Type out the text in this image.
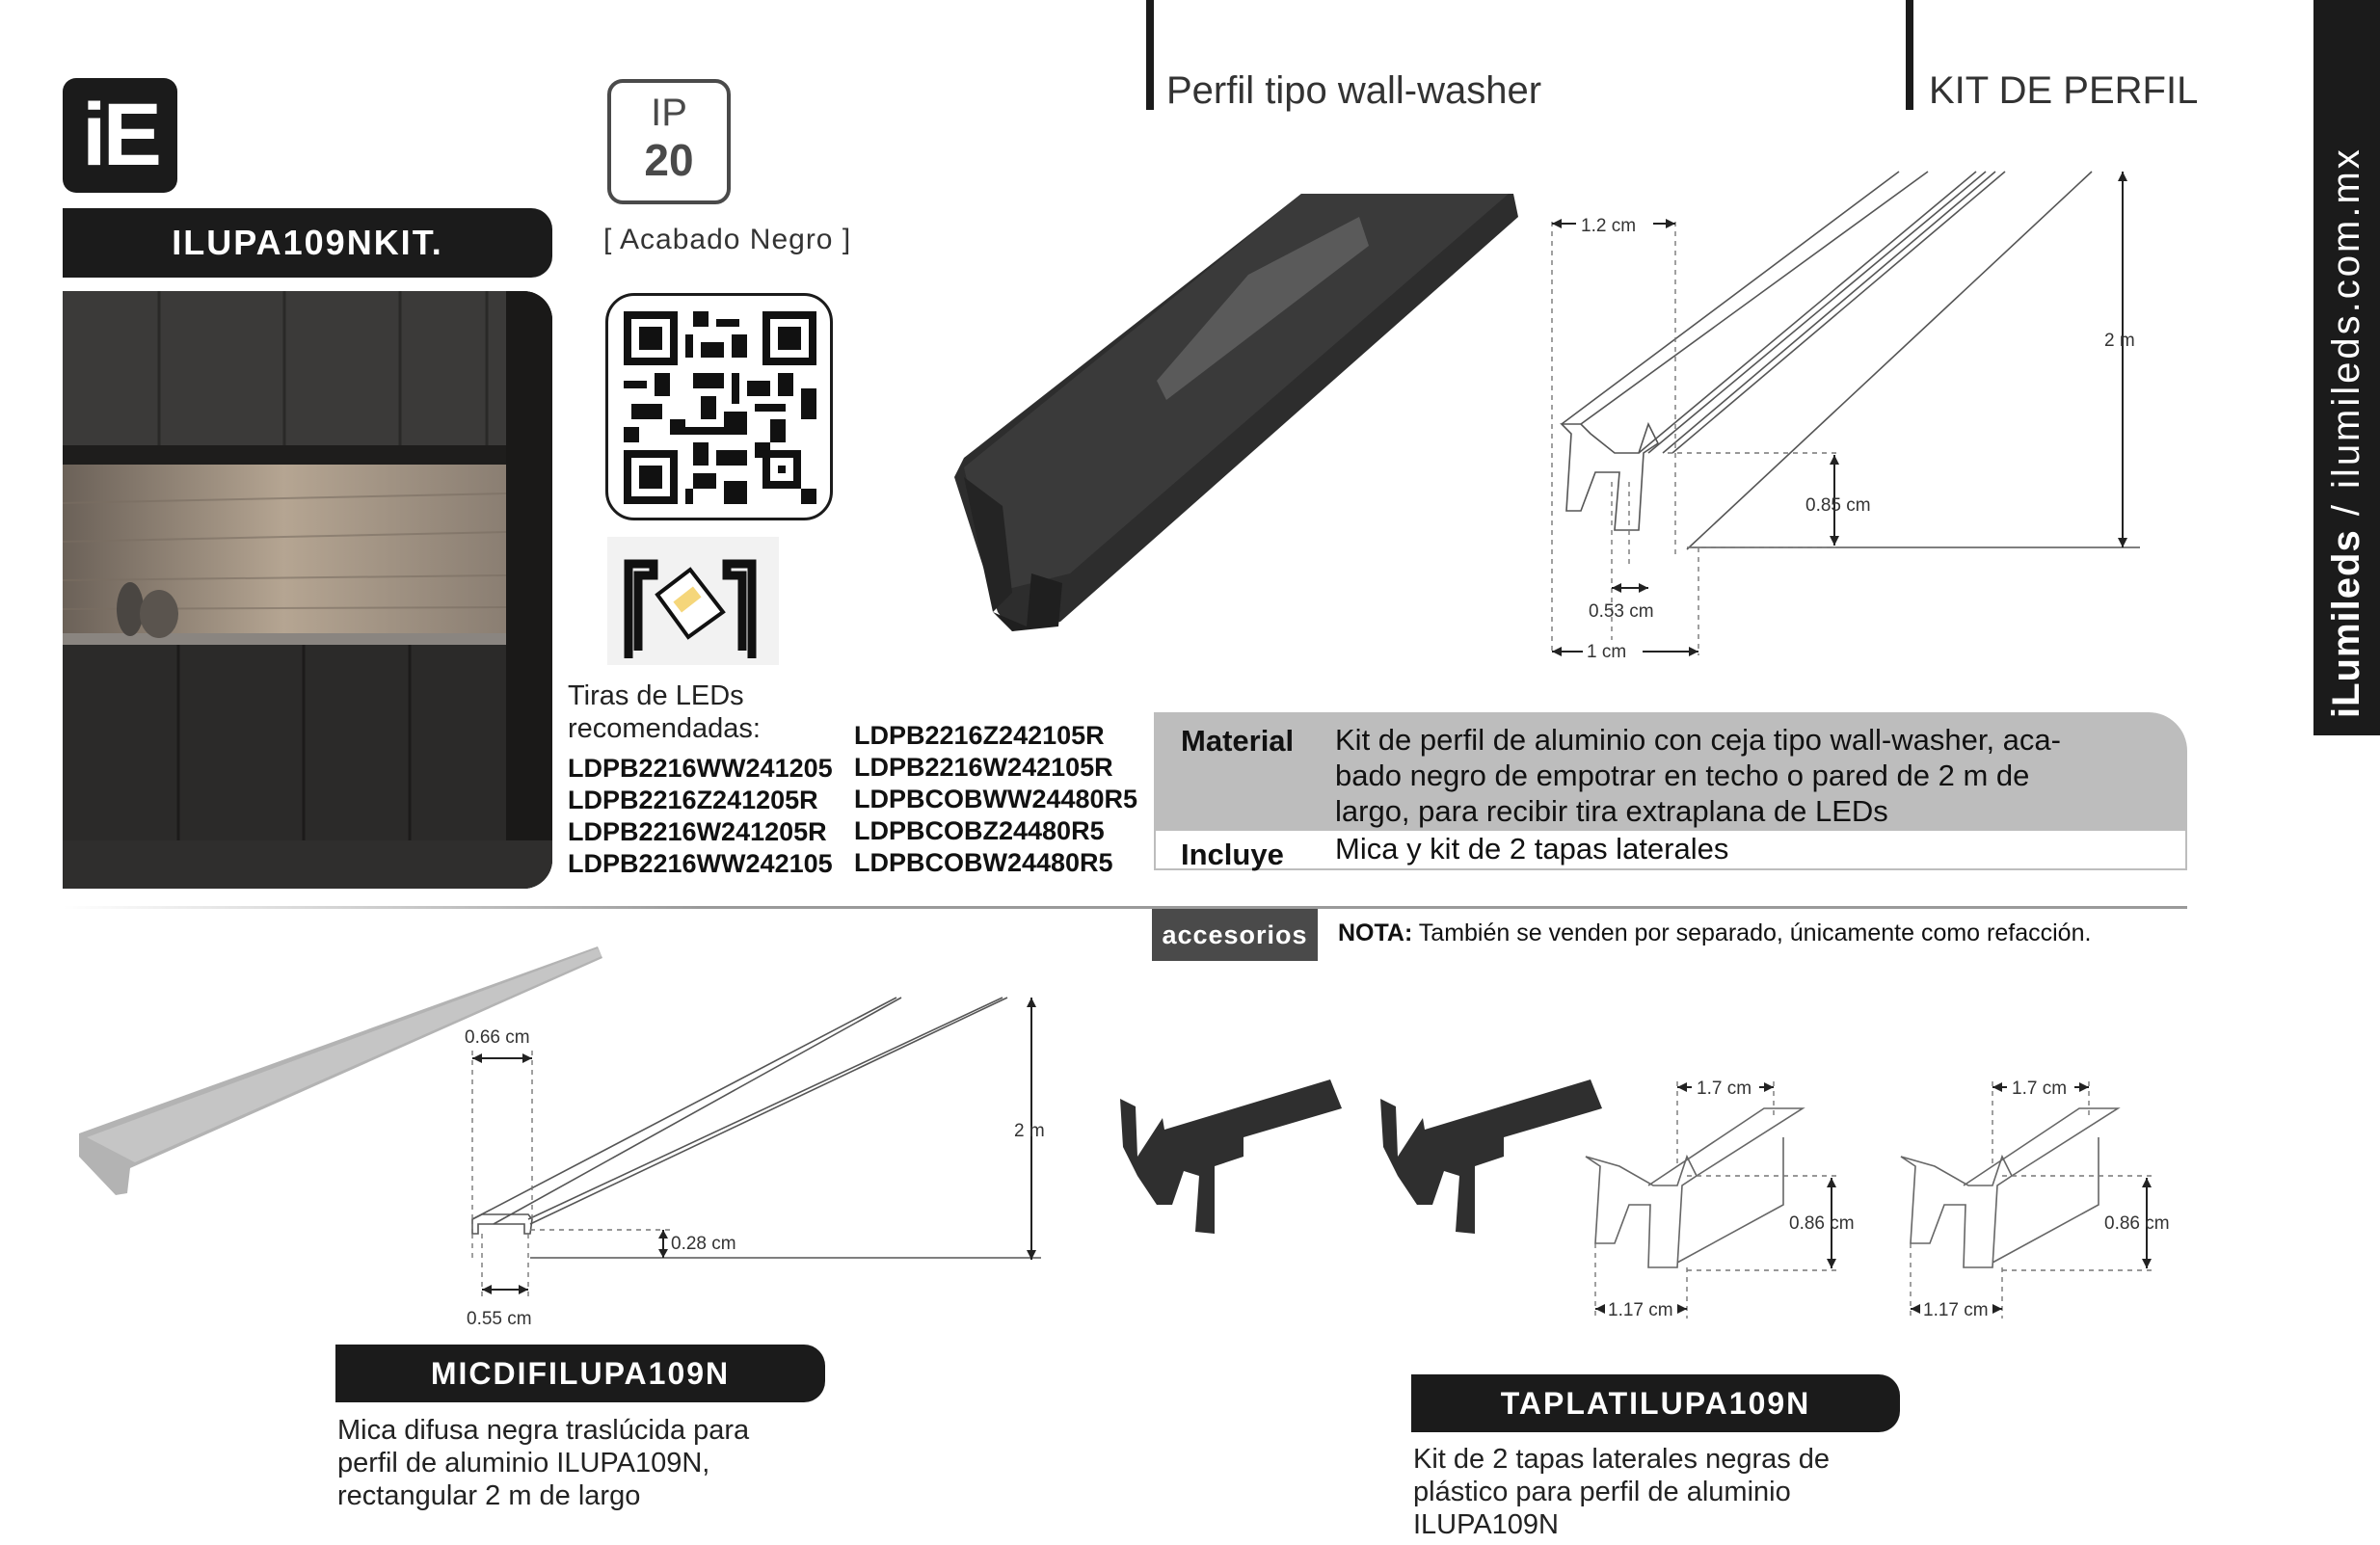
iLumileds / ilumileds.com.mx
iE
ILUPA109NKIT.
IP
20
[ Acabado Negro ]
Perfil tipo wall-washer	KIT DE PERFIL
1.2 cm
2 m
0.85 cm
0.53 cm
1 cm
Tiras de LEDs
recomendadas:
LDPB2216WW241205
LDPB2216Z241205R
LDPB2216W241205R
LDPB2216WW242105
LDPB2216Z242105R
LDPB2216W242105R
LDPBCOBWW24480R5
LDPBCOBZ24480R5
LDPBCOBW24480R5
Material Kit de perfil de aluminio con ceja tipo wall-washer, aca-
bado negro de empotrar en techo o pared de 2 m de
largo, para recibir tira extraplana de LEDs
Incluye Mica y kit de 2 tapas laterales
accesorios	NOTA: También se venden por separado, únicamente como refacción.
0.66 cm
2 m
0.28 cm
0.55 cm
MICDIFILUPA109N
Mica difusa negra traslúcida para
perfil de aluminio ILUPA109N,
rectangular 2 m de largo
1.7 cm
0.86 cm
1.17 cm
1.7 cm
0.86 cm
1.17 cm
TAPLATILUPA109N
Kit de 2 tapas laterales negras de
plástico para perfil de aluminio
ILUPA109N
